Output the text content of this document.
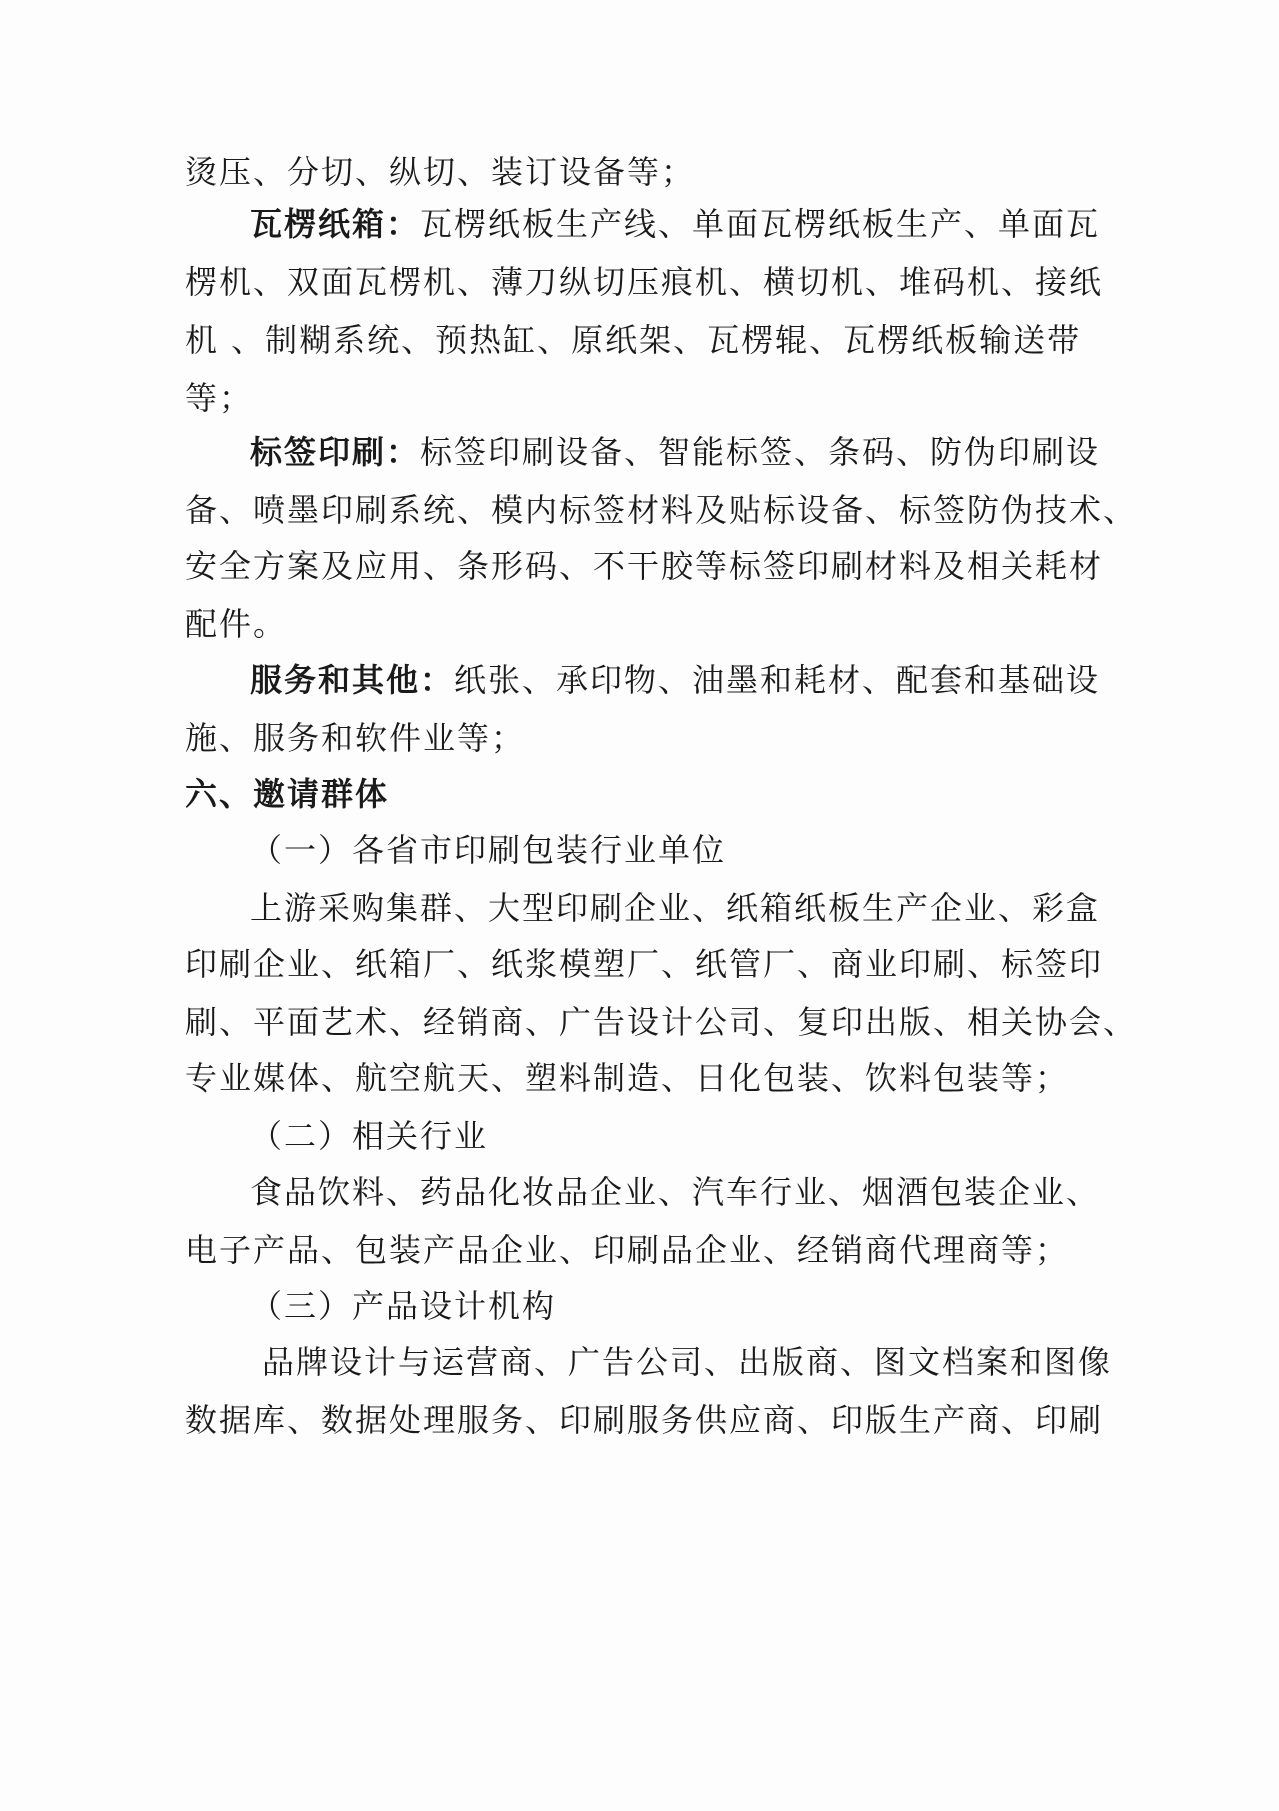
烫压、分切、纵切、装订设备等；
瓦楞纸箱：瓦楞纸板生产线、单面瓦楞纸板生产、单面瓦
楞机、双面瓦楞机、薄刀纵切压痕机、横切机、堆码机、接纸
机 、制糊系统、预热缸、原纸架、瓦楞辊、瓦楞纸板输送带
等；
标签印刷：标签印刷设备、智能标签、条码、防伪印刷设
备、喷墨印刷系统、模内标签材料及贴标设备、标签防伪技术、
安全方案及应用、条形码、不干胶等标签印刷材料及相关耗材
配件。
服务和其他：纸张、承印物、油墨和耗材、配套和基础设
施、服务和软件业等；
六、邀请群体
（一）各省市印刷包装行业单位
上游采购集群、大型印刷企业、纸箱纸板生产企业、彩盒
印刷企业、纸箱厂、纸浆模塑厂、纸管厂、商业印刷、标签印
刷、平面艺术、经销商、广告设计公司、复印出版、相关协会、
专业媒体、航空航天、塑料制造、日化包装、饮料包装等；
（二）相关行业
食品饮料、药品化妆品企业、汽车行业、烟酒包装企业、
电子产品、包装产品企业、印刷品企业、经销商代理商等；
（三）产品设计机构
品牌设计与运营商、广告公司、出版商、图文档案和图像
数据库、数据处理服务、印刷服务供应商、印版生产商、印刷
